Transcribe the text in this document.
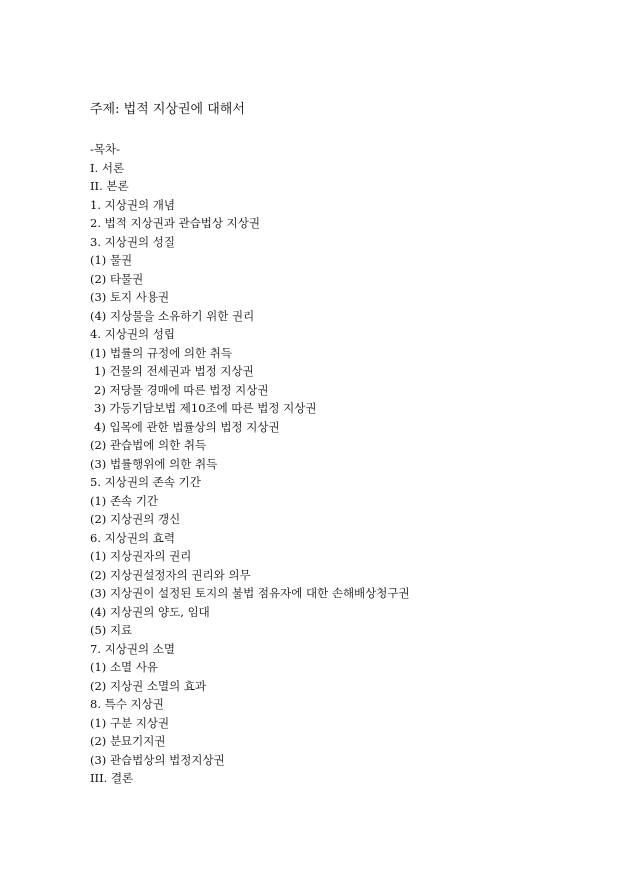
주제: 법적 지상권에 대해서
-목차-
I. 서론
II. 본론
1. 지상권의 개념
2. 법적 지상권과 관습법상 지상권
3. 지상권의 성질
(1) 물권
(2) 타물권
(3) 토지 사용권
(4) 지상물을 소유하기 위한 권리
4. 지상권의 성립
(1) 법률의 규정에 의한 취득
1) 건물의 전세권과 법정 지상권
2) 저당물 경매에 따른 법정 지상권
3) 가등기담보법 제10조에 따른 법정 지상권
4) 입목에 관한 법률상의 법정 지상권
(2) 관습법에 의한 취득
(3) 법률행위에 의한 취득
5. 지상권의 존속 기간
(1) 존속 기간
(2) 지상권의 갱신
6. 지상권의 효력
(1) 지상권자의 권리
(2) 지상권설정자의 권리와 의무
(3) 지상권이 설정된 토지의 불법 점유자에 대한 손해배상청구권
(4) 지상권의 양도, 임대
(5) 지료
7. 지상권의 소멸
(1) 소멸 사유
(2) 지상권 소멸의 효과
8. 특수 지상권
(1) 구분 지상권
(2) 분묘기지권
(3) 관습법상의 법정지상권
III. 결론
